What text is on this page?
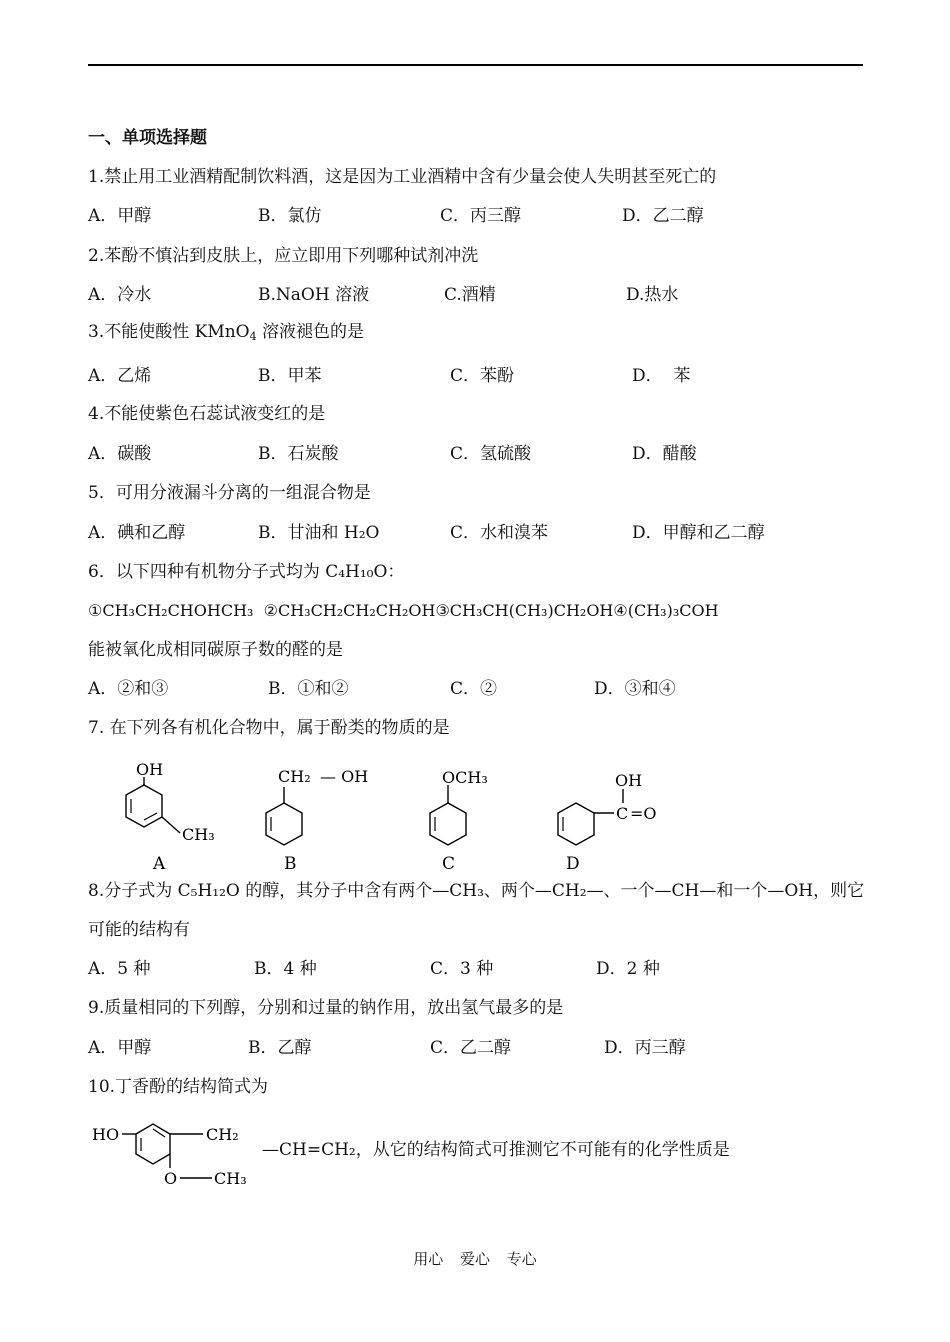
一、单项选择题
1.禁止用工业酒精配制饮料酒，这是因为工业酒精中含有少量会使人失明甚至死亡的
A．甲醇	B．氯仿	C．丙三醇	D．乙二醇
2.苯酚不慎沾到皮肤上，应立即用下列哪种试剂冲洗
A．冷水	B.NaOH 溶液	C.酒精	D.热水
3.不能使酸性 KMnO$_4$ 溶液褪色的是
A．乙烯	B．甲苯	C．苯酚	D．  苯
4.不能使紫色石蕊试液变红的是
A．碳酸	B．石炭酸	C．氢硫酸	D．醋酸
5．可用分液漏斗分离的一组混合物是
A．碘和乙醇	B．甘油和 H₂O	C．水和溴苯	D．甲醇和乙二醇
6．以下四种有机物分子式均为 C₄H₁₀O：
①CH₃CH₂CHOHCH₃  ②CH₃CH₂CH₂CH₂OH③CH₃CH(CH₃)CH₂OH④(CH₃)₃COH
能被氧化成相同碳原子数的醛的是
A．②和③	B．①和②	C．②	D．③和④
7. 在下列各有机化合物中，属于酚类的物质的是
OH
CH₃
A
CH₂ — OH
B
OCH₃
C
OH
C =O
D
8.分子式为 C₅H₁₂O 的醇，其分子中含有两个—CH₃、两个—CH₂—、一个—CH—和一个—OH，则它
可能的结构有
A．5 种	B．4 种	C．3 种	D．2 种
9.质量相同的下列醇，分别和过量的钠作用，放出氢气最多的是
A．甲醇	B．乙醇	C．乙二醇	D．丙三醇
10.丁香酚的结构简式为
HO	CH₂
O CH₃
—CH=CH₂，从它的结构简式可推测它不可能有的化学性质是
用心 爱心 专心
